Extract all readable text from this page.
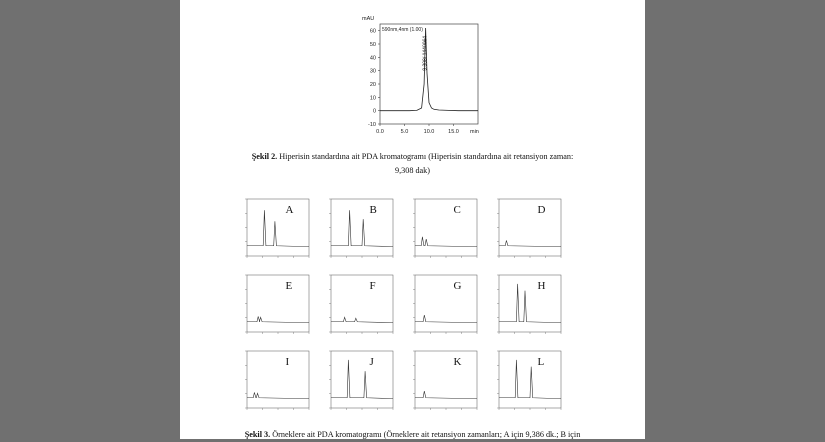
mAU
590nm,4nm (1.00)
60
50
40
30
20
10
0
-10
0.0	5.0	10.0	15.0 min
9.308/ 1440064
Şekil 2. Hiperisin standardına ait PDA kromatogramı (Hiperisin standardına ait retansiyon zaman:
9,308 dak)
A	B	C	D
E	F	G	H
I	J	K	L
Şekil 3. Örneklere ait PDA kromatogramı (Örneklere ait retansiyon zamanları; A için 9,386 dk.; B için
